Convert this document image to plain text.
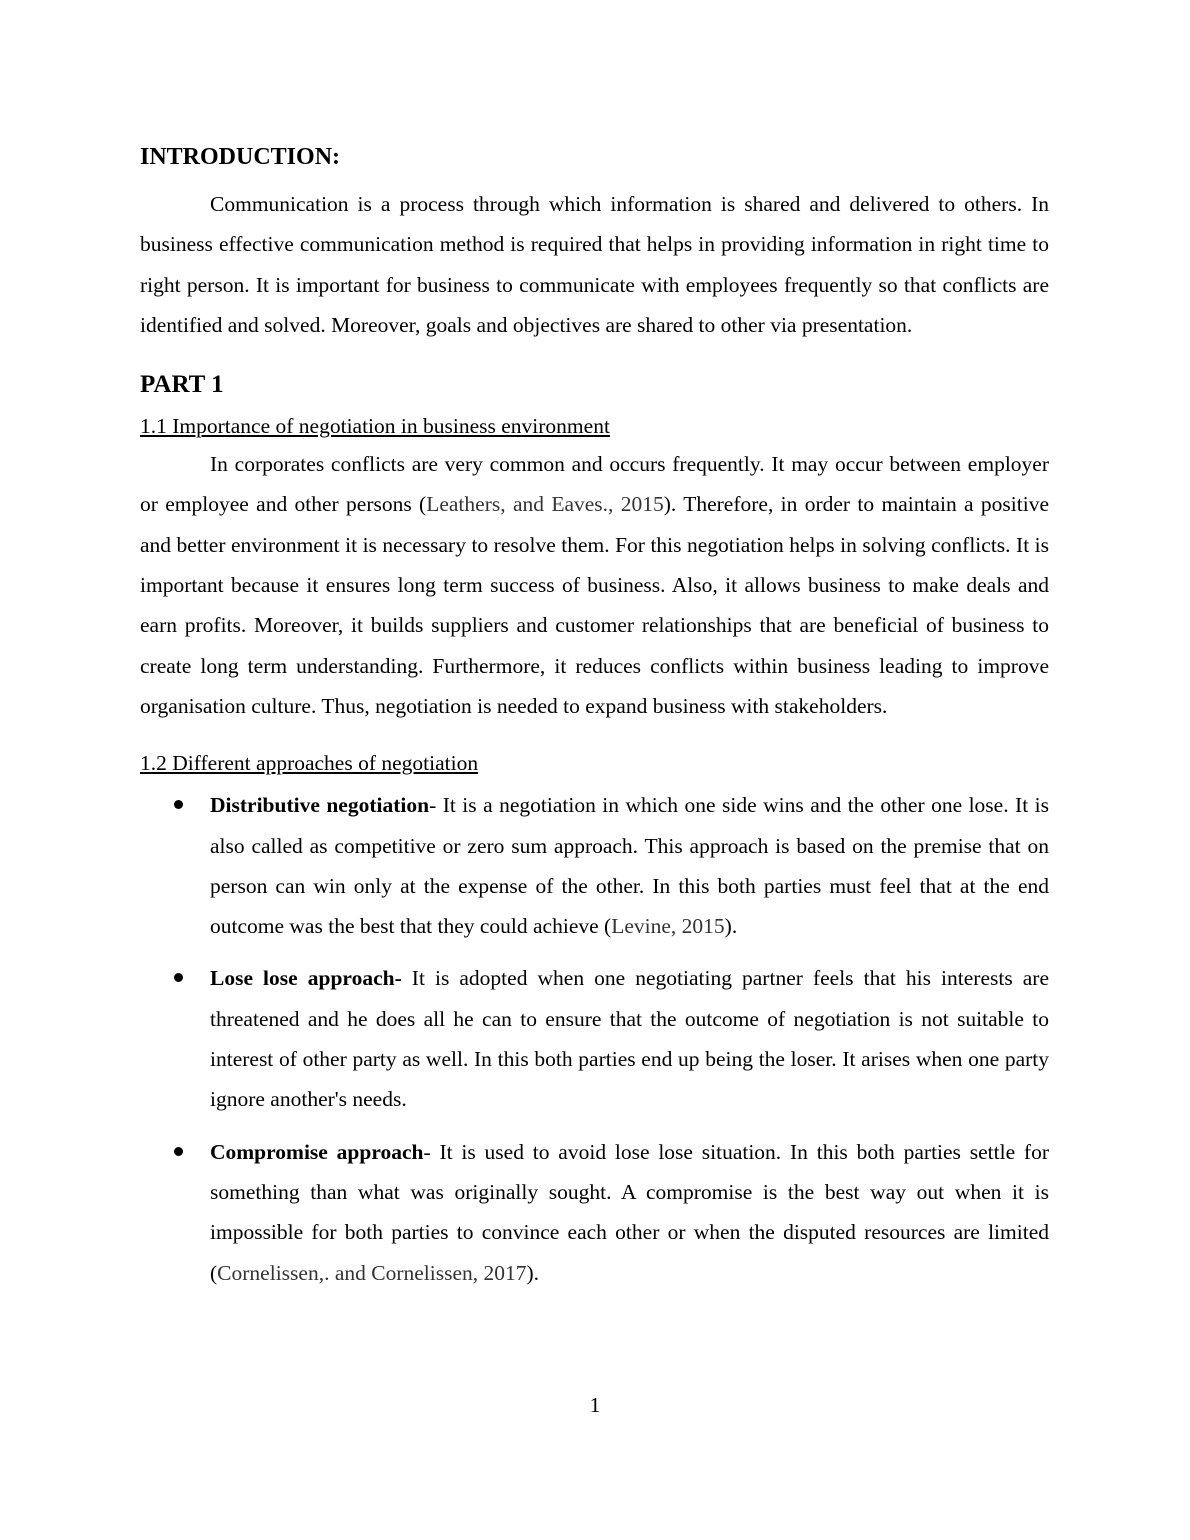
INTRODUCTION:

Communication is a process through which information is shared and delivered to others. In business effective communication method is required that helps in providing information in right time to right person. It is important for business to communicate with employees frequently so that conflicts are identified and solved. Moreover, goals and objectives are shared to other via presentation.

PART 1
1.1 Importance of negotiation in business environment

In corporates conflicts are very common and occurs frequently. It may occur between employer or employee and other persons (Leathers, and Eaves., 2015). Therefore, in order to maintain a positive and better environment it is necessary to resolve them. For this negotiation helps in solving conflicts. It is important because it ensures long term success of business. Also, it allows business to make deals and earn profits. Moreover, it builds suppliers and customer relationships that are beneficial of business to create long term understanding. Furthermore, it reduces conflicts within business leading to improve organisation culture. Thus, negotiation is needed to expand business with stakeholders.

1.2 Different approaches of negotiation
Distributive negotiation- It is a negotiation in which one side wins and the other one lose. It is also called as competitive or zero sum approach. This approach is based on the premise that on person can win only at the expense of the other. In this both parties must feel that at the end outcome was the best that they could achieve (Levine, 2015).
Lose lose approach- It is adopted when one negotiating partner feels that his interests are threatened and he does all he can to ensure that the outcome of negotiation is not suitable to interest of other party as well. In this both parties end up being the loser. It arises when one party ignore another's needs.
Compromise approach- It is used to avoid lose lose situation. In this both parties settle for something than what was originally sought. A compromise is the best way out when it is impossible for both parties to convince each other or when the disputed resources are limited (Cornelissen,. and Cornelissen, 2017).
1
